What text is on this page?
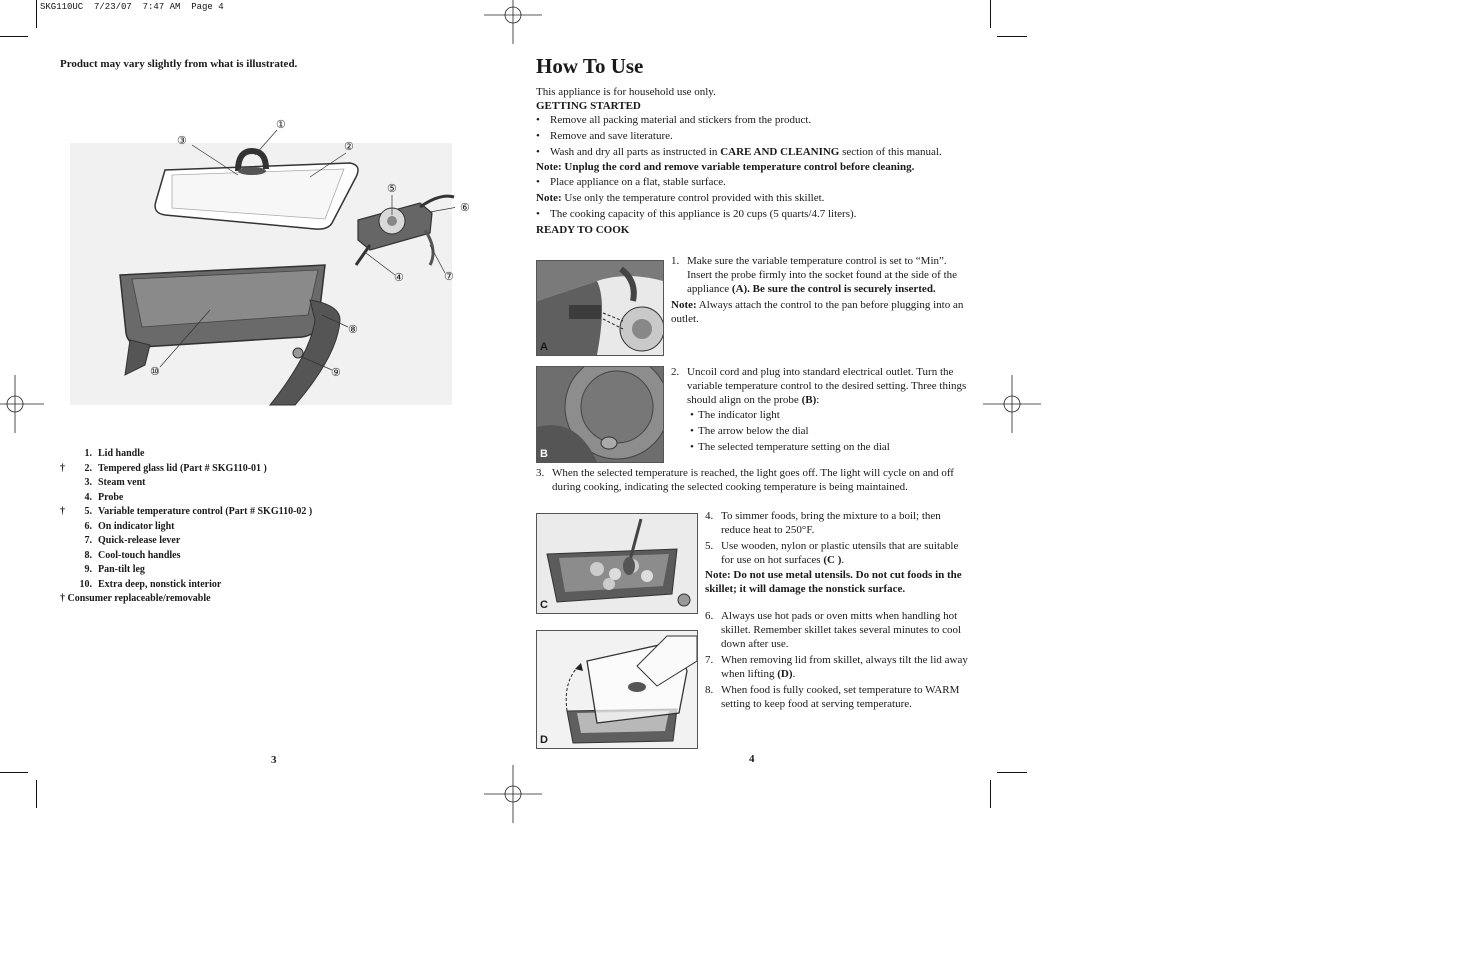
SKG110UC  7/23/07  7:47 AM  Page 4
Product may vary slightly from what is illustrated.
①
②
③
④
⑤
⑥
⑦
⑧
⑨
⑩
1. Lid handle
†	2. Tempered glass lid (Part # SKG110-01 )
3. Steam vent
4. Probe
†	5. Variable temperature control (Part # SKG110-02 )
6. On indicator light
7. Quick-release lever
8. Cool-touch handles
9. Pan-tilt leg
10. Extra deep, nonstick interior
† Consumer replaceable/removable
3
How To Use
This appliance is for household use only.
GETTING STARTED
• Remove all packing material and stickers from the product.
• Remove and save literature.
• Wash and dry all parts as instructed in CARE AND CLEANING section of this manual.
Note: Unplug the cord and remove variable temperature control before cleaning.
• Place appliance on a flat, stable surface.
Note: Use only the temperature control provided with this skillet.
• The cooking capacity of this appliance is 20 cups (5 quarts/4.7 liters).
READY TO COOK
A
1. Make sure the variable temperature control is set to “Min”. Insert the probe firmly into the socket found at the side of the appliance (A). Be sure the control is securely inserted.
Note: Always attach the control to the pan before plugging into an outlet.
B
2. Uncoil cord and plug into standard electrical outlet. Turn the variable temperature control to the desired setting. Three things should align on the probe (B):
• The indicator light
• The arrow below the dial
• The selected temperature setting on the dial
3. When the selected temperature is reached, the light goes off. The light will cycle on and off during cooking, indicating the selected cooking temperature is being maintained.
C
4. To simmer foods, bring the mixture to a boil; then reduce heat to 250°F.
5. Use wooden, nylon or plastic utensils that are suitable for use on hot surfaces (C ).
Note: Do not use metal utensils. Do not cut foods in the skillet; it will damage the nonstick surface.
D
6. Always use hot pads or oven mitts when handling hot skillet. Remember skillet takes several minutes to cool down after use.
7. When removing lid from skillet, always tilt the lid away when lifting (D).
8. When food is fully cooked, set temperature to WARM setting to keep food at serving temperature.
4
